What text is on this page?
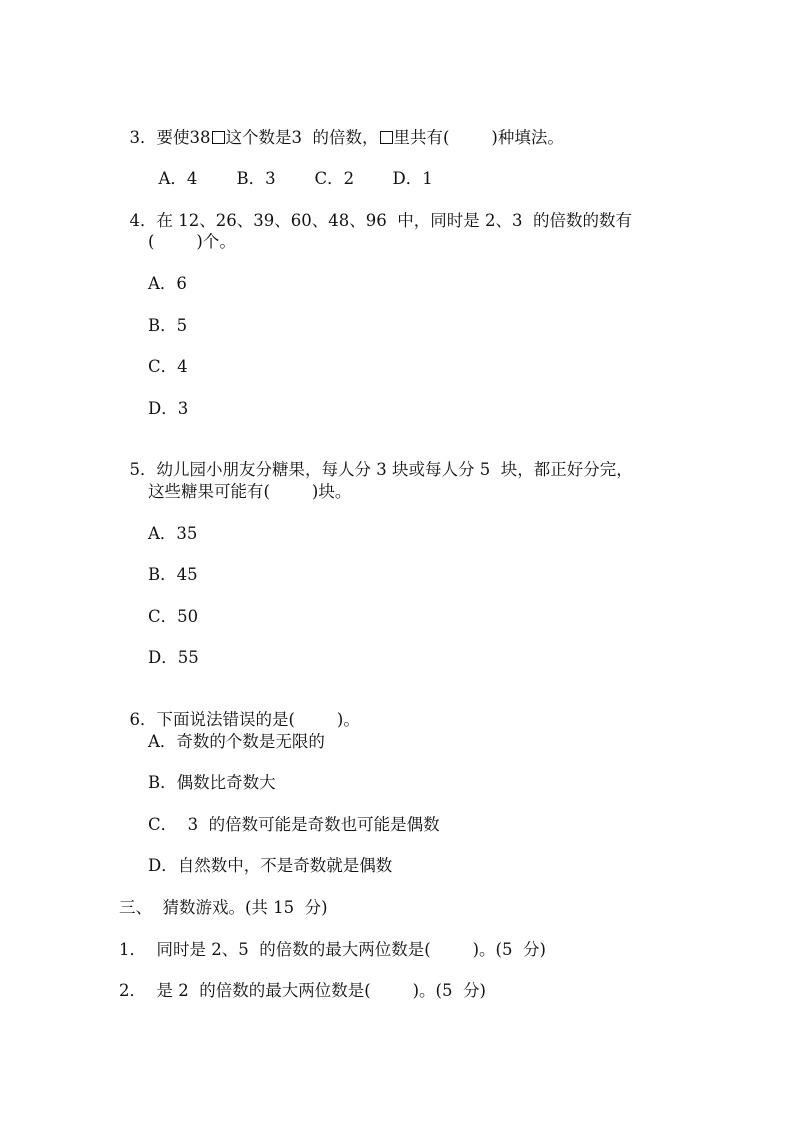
3．要使38 这个数是3  的倍数， 里共有(        )种填法。

A．4 B．3 C．2 D．1

4．在 12、26、39、60、48、96  中，同时是 2、3  的倍数的数有

(        )个。
A．6
B．5
C．4
D．3

5．幼儿园小朋友分糖果，每人分 3 块或每人分 5  块，都正好分完，

这些糖果可能有(        )块。
A．35
B．45
C．50
D．55

6．下面说法错误的是(        )。

A．奇数的个数是无限的
B．偶数比奇数大
C．  3  的倍数可能是奇数也可能是偶数
D．自然数中，不是奇数就是偶数
三、  猜数游戏。(共 15  分)
1．  同时是 2、5  的倍数的最大两位数是(        )。(5  分)
2．  是 2  的倍数的最大两位数是(        )。(5  分)
